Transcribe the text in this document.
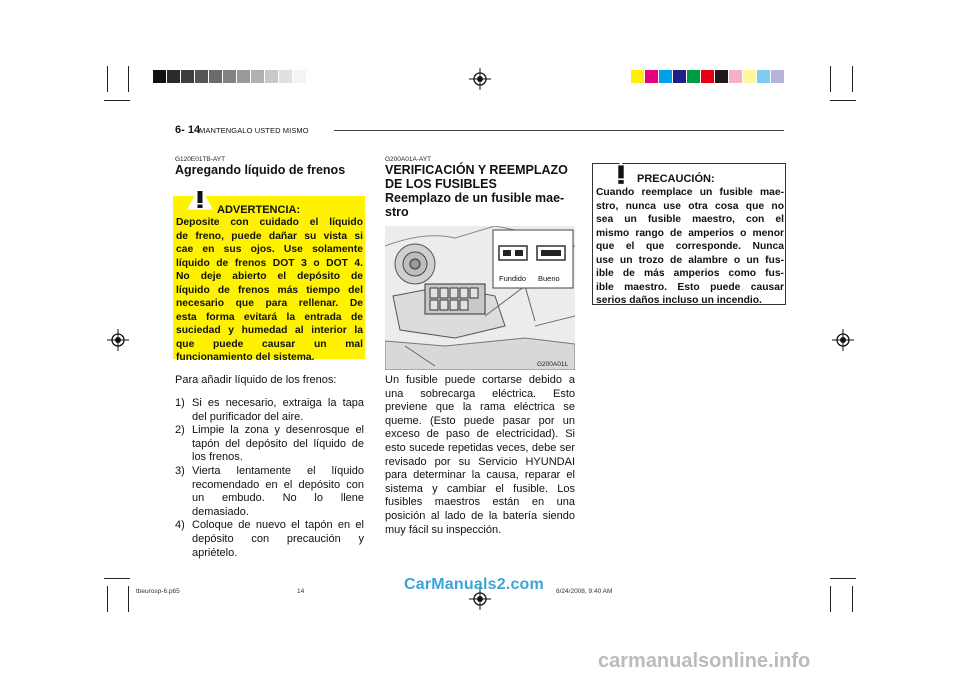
6- 14
MANTENGALO USTED MISMO
G120E01TB-AYT
Agregando líquido de frenos
ADVERTENCIA:
Deposite con cuidado el líquido
de freno, puede dañar su vista si
cae en sus ojos. Use solamente
líquido de frenos DOT 3 o DOT 4.
No deje abierto el depósito de
líquido de frenos más tiempo del
necesario que para rellenar. De
esta forma evitará la entrada de
suciedad y humedad al interior la
que puede causar un mal
funcionamiento del sistema.
Para añadir líquido de los frenos:
1) Si es necesario, extraiga la tapa del purificador del aire.
2) Limpie la zona y desenrosque el tapón del depósito del líquido de los frenos.
3) Vierta lentamente el líquido recomendado en el depósito con un embudo. No lo llene demasiado.
4) Coloque de nuevo el tapón en el depósito con precaución y apriételo.
G200A01A-AYT
VERIFICACIÓN Y REEMPLAZO
DE LOS FUSIBLES
Reemplazo de un fusible mae-
stro
Fundido Bueno
G200A01L
Un fusible puede cortarse debido a una sobrecarga eléctrica. Esto previene que la rama eléctrica se queme. (Esto puede pasar por un exceso de paso de electricidad). Si esto sucede repetidas veces, debe ser revisado por su Servicio HYUNDAI para determinar la causa, reparar el sistema y cambiar el fusible. Los fusibles maestros están en una posición al lado de la batería siendo muy fácil su inspección.
PRECAUCIÓN:
Cuando reemplace un fusible mae-
stro, nunca use otra cosa que no
sea un fusible maestro, con el
mismo rango de amperios o menor
que el que corresponde. Nunca
use un trozo de alambre o un fus-
ible de más amperios como fus-
ible maestro. Esto puede causar
serios daños incluso un incendio.
tbeurosp-6.p65	14	6/24/2008, 9:40 AM
CarManuals2.com
carmanualsonline.info
